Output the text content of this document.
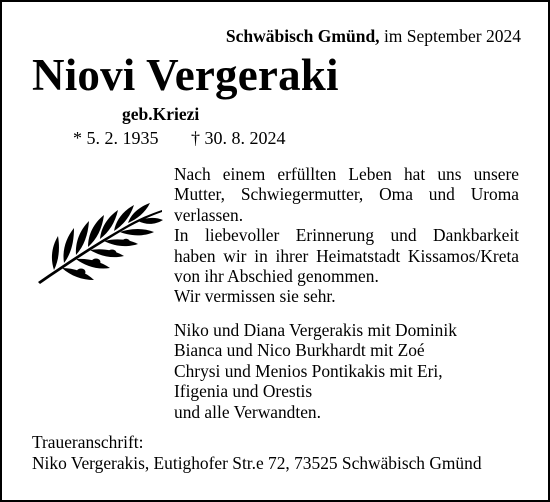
Schwäbisch Gmünd, im September 2024
Niovi Vergeraki
geb.Kriezi
* 5. 2. 1935 † 30. 8. 2024
Nach einem erfüllten Leben hat uns unsere
Mutter, Schwiegermutter, Oma und Uroma
verlassen.
In liebevoller Erinnerung und Dankbarkeit
haben wir in ihrer Heimatstadt Kissamos/Kreta
von ihr Abschied genommen.
Wir vermissen sie sehr.
Niko und Diana Vergerakis mit Dominik
Bianca und Nico Burkhardt mit Zoé
Chrysi und Menios Pontikakis mit Eri,
Ifigenia und Orestis
und alle Verwandten.
Traueranschrift:
Niko Vergerakis, Eutighofer Str.e 72, 73525 Schwäbisch Gmünd
